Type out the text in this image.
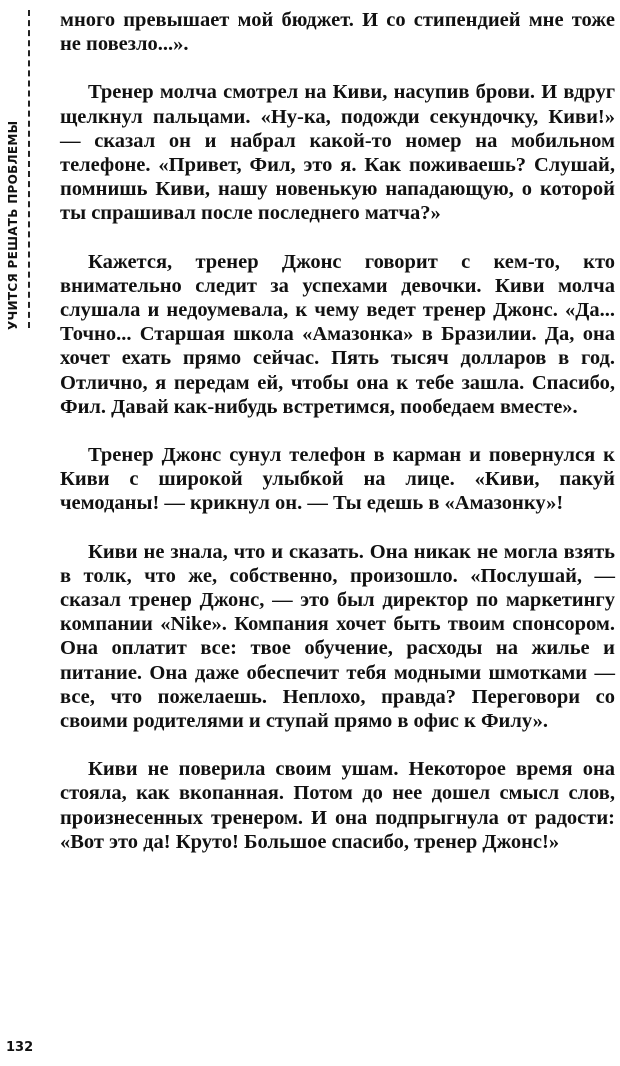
УЧИТСЯ РЕШАТЬ ПРОБЛЕМЫ

много превышает мой бюджет. И со стипендией мне тоже не повезло...».

Тренер молча смотрел на Киви, насупив брови. И вдруг щелкнул пальцами. «Ну-ка, подожди секундочку, Киви!» — сказал он и набрал какой-то номер на мобильном телефоне. «Привет, Фил, это я. Как поживаешь? Слушай, помнишь Киви, нашу новенькую нападающую, о которой ты спрашивал после последнего матча?»

Кажется, тренер Джонс говорит с кем-то, кто внимательно следит за успехами девочки. Киви молча слушала и недоумевала, к чему ведет тренер Джонс. «Да... Точно... Старшая школа «Амазонка» в Бразилии. Да, она хочет ехать прямо сейчас. Пять тысяч долларов в год. Отлично, я передам ей, чтобы она к тебе зашла. Спасибо, Фил. Давай как-нибудь встретимся, пообедаем вместе».

Тренер Джонс сунул телефон в карман и повернулся к Киви с широкой улыбкой на лице. «Киви, пакуй чемоданы! — крикнул он. — Ты едешь в «Амазонку»!

Киви не знала, что и сказать. Она никак не могла взять в толк, что же, собственно, произошло. «Послушай, — сказал тренер Джонс, — это был директор по маркетингу компании «Nike». Компания хочет быть твоим спонсором. Она оплатит все: твое обучение, расходы на жилье и питание. Она даже обеспечит тебя модными шмотками — все, что пожелаешь. Неплохо, правда? Переговори со своими родителями и ступай прямо в офис к Филу».

Киви не поверила своим ушам. Некоторое время она стояла, как вкопанная. Потом до нее дошел смысл слов, произнесенных тренером. И она подпрыгнула от радости: «Вот это да! Круто! Большое спасибо, тренер Джонс!»

132
